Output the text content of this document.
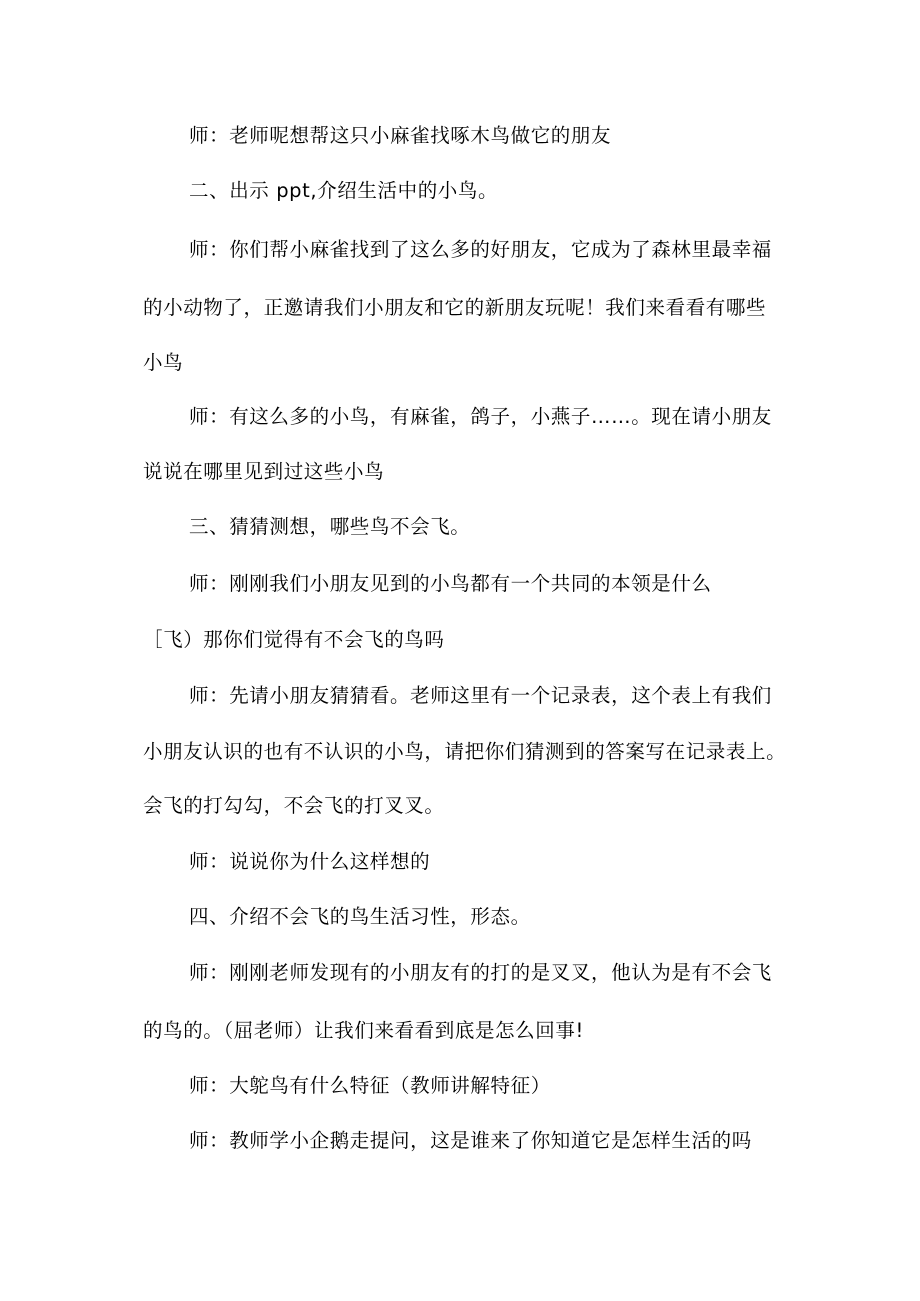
师：老师呢想帮这只小麻雀找啄木鸟做它的朋友
二、出示 ppt,介绍生活中的小鸟。
师：你们帮小麻雀找到了这么多的好朋友，它成为了森林里最幸福
的小动物了，正邀请我们小朋友和它的新朋友玩呢！我们来看看有哪些
小鸟
师：有这么多的小鸟，有麻雀，鸽子，小燕子……。现在请小朋友
说说在哪里见到过这些小鸟
三、猜猜测想，哪些鸟不会飞。
师：刚刚我们小朋友见到的小鸟都有一个共同的本领是什么
［飞）那你们觉得有不会飞的鸟吗
师：先请小朋友猜猜看。老师这里有一个记录表，这个表上有我们
小朋友认识的也有不认识的小鸟，请把你们猜测到的答案写在记录表上。
会飞的打勾勾，不会飞的打叉叉。
师：说说你为什么这样想的
四、介绍不会飞的鸟生活习性，形态。
师：刚刚老师发现有的小朋友有的打的是叉叉，他认为是有不会飞
的鸟的。（屈老师）让我们来看看到底是怎么回事!
师：大鸵鸟有什么特征（教师讲解特征）
师：教师学小企鹅走提问，这是谁来了你知道它是怎样生活的吗
